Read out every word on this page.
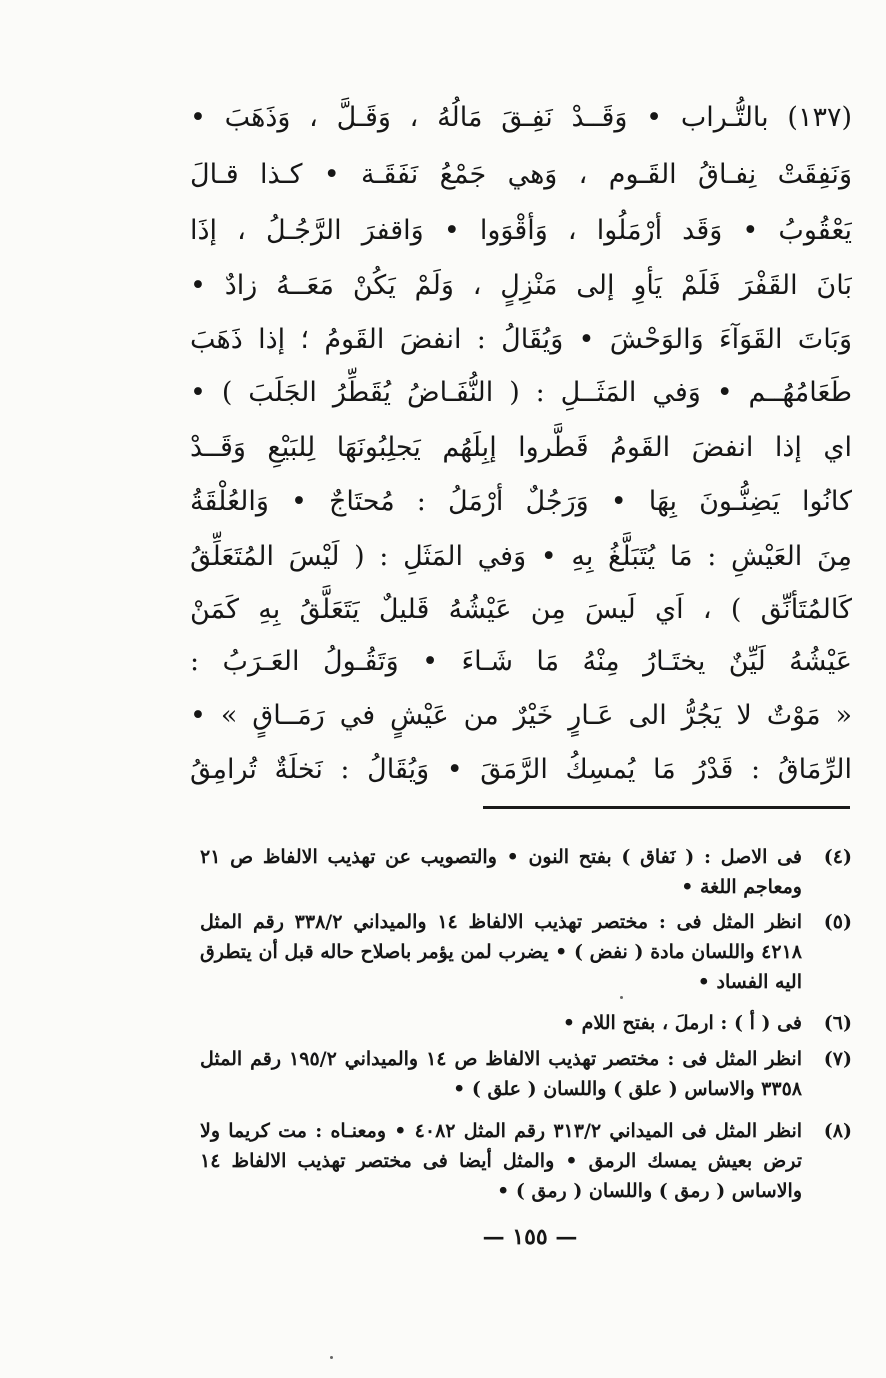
(١٣٧) بالتُّـراب • وَقَــدْ نَفِـقَ مَالُهُ ، وَقَـلَّ ، وَذَهَبَ •
وَنَفِقَتْ نِفـاقُ القَـوم ، وَهي جَمْعُ نَفَقَـة • كـذا قـالَ
يَعْقُوبُ • وَقَد أرْمَلُوا ، وَأقْوَوا • وَاقفرَ الرَّجُـلُ ، إذَا
بَانَ القَفْرَ فَلَمْ يَأوِ إلى مَنْزِلٍ ، وَلَمْ يَكُنْ مَعَــهُ زادٌ •
وَبَاتَ القَوَآءَ وَالوَحْشَ • وَيُقَالُ : انفضَ القَومُ ؛ إذا ذَهَبَ
طَعَامُهُــم • وَفي المَثَــلِ : ( النُّفَـاضُ يُقَطِّرُ الجَلَبَ ) •
اي إذا انفضَ القَومُ قَطَّروا إبِلَهُم يَجلِبُونَهَا لِلبَيْعِ وَقَــدْ
كانُوا يَضِنُّـونَ بِهَا • وَرَجُلٌ أرْمَلُ : مُحتَاجٌ • وَالعُلْقَةُ
مِنَ العَيْشِ : مَا يُتَبَلَّغُ بِهِ • وَفي المَثَلِ : ( لَيْسَ المُتَعَلِّقُ
كَالمُتَأنِّق ) ، اَي لَيسَ مِن عَيْشُهُ قَليلٌ يَتَعَلَّقُ بِهِ كَمَنْ
عَيْشُهُ لَيِّنٌ يختَـارُ مِنْهُ مَا شَـاءَ • وَتَقُـولُ العَـرَبُ :
« مَوْتٌ لا يَجُرُّ الى عَـارٍ خَيْرٌ من عَيْشٍ في رَمَــاقٍ » •
الرِّمَاقُ : قَدْرُ مَا يُمسِكُ الرَّمَقَ • وَيُقَالُ : نَخلَةٌ تُرامِقُ
(٤)
فى الاصل : ( نَفاق ) بفتح النون • والتصويب عن تهذيب الالفاظ ص ٢١ ومعاجم اللغة •
(٥)
انظر المثل فى : مختصر تهذيب الالفاظ ١٤ والميداني ٣٣٨/٢ رقم المثل ٤٢١٨ واللسان مادة ( نفض ) • يضرب لمن يؤمر باصلاح حاله قبل أن يتطرق اليه الفساد •
(٦)
فى ( أ ) : ارملَ ، بفتح اللام •
(٧)
انظر المثل فى : مختصر تهذيب الالفاظ ص ١٤ والميداني ١٩٥/٢ رقم المثل ٣٣٥٨ والاساس ( علق ) واللسان ( علق ) •
(٨)
انظر المثل فى الميداني ٣١٣/٢ رقم المثل ٤٠٨٢ • ومعنـاه : مت كريما ولا ترض بعيش يمسك الرمق • والمثل أيضا فى مختصر تهذيب الالفاظ ١٤ والاساس ( رمق ) واللسان ( رمق ) •
— ١٥٥ —
